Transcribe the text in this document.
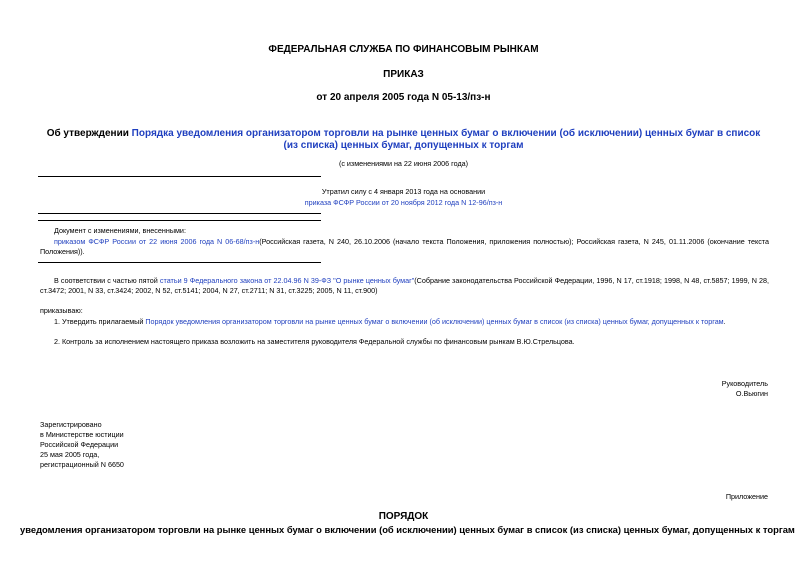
ФЕДЕРАЛЬНАЯ СЛУЖБА ПО ФИНАНСОВЫМ РЫНКАМ
ПРИКАЗ
от 20 апреля 2005 года N 05-13/пз-н
Об утверждении Порядка уведомления организатором торговли на рынке ценных бумаг о включении (об исключении) ценных бумаг в список (из списка) ценных бумаг, допущенных к торгам
(с изменениями на 22 июня 2006 года)
Утратил силу с 4 января 2013 года на основании
приказа ФСФР России от 20 ноября 2012 года N 12-96/пз-н
Документ с изменениями, внесенными:
приказом ФСФР России от 22 июня 2006 года N 06-68/пз-н(Российская газета, N 240, 26.10.2006 (начало текста Положения, приложения полностью); Российская газета, N 245, 01.11.2006 (окончание текста Положения)).
В соответствии с частью пятой статьи 9 Федерального закона от 22.04.96 N 39-ФЗ "О рынке ценных бумаг"(Собрание законодательства Российской Федерации, 1996, N 17, ст.1918; 1998, N 48, ст.5857; 1999, N 28, ст.3472; 2001, N 33, ст.3424; 2002, N 52, ст.5141; 2004, N 27, ст.2711; N 31, ст.3225; 2005, N 11, ст.900)
приказываю:
1. Утвердить прилагаемый Порядок уведомления организатором торговли на рынке ценных бумаг о включении (об исключении) ценных бумаг в список (из списка) ценных бумаг, допущенных к торгам.
2. Контроль за исполнением настоящего приказа возложить на заместителя руководителя Федеральной службы по финансовым рынкам В.Ю.Стрельцова.
Руководитель
О.Вьюгин

Зарегистрировано

в Министерстве юстиции

Российской Федерации

25 мая 2005 года,

регистрационный N 6650

Приложение
ПОРЯДОК
уведомления организатором торговли на рынке ценных бумаг о включении (об исключении) ценных бумаг в список (из списка) ценных бумаг, допущенных к торгам
